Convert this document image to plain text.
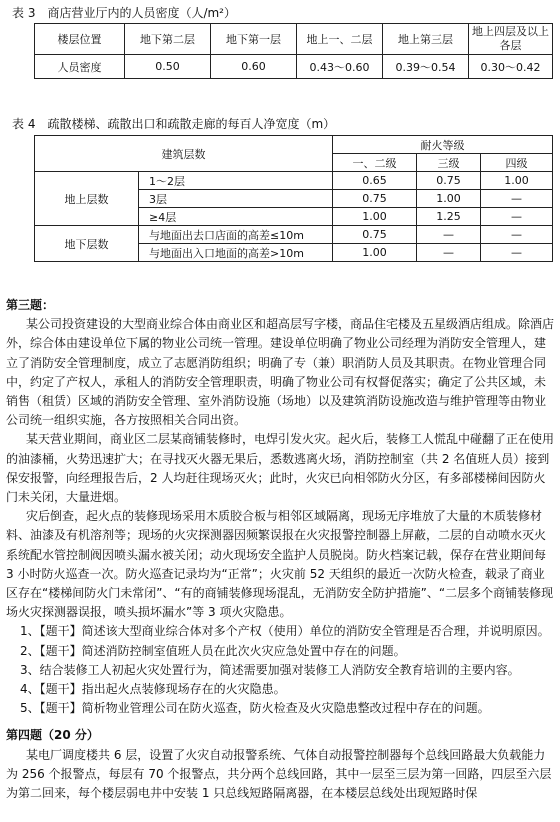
表 3　商店营业厅内的人员密度（人/m²）
楼层位置	地下第二层	地下第一层	地上一、二层	地上第三层	地上四层及以上各层
人员密度	0.50	0.60	0.43～0.60	0.39～0.54	0.30～0.42
表 4　疏散楼梯、疏散出口和疏散走廊的每百人净宽度（m）
建筑层数		耐火等级		
		一、二级	三级	四级
地上层数	1～2层	0.65	0.75	1.00
	3层	0.75	1.00	—
	≥4层	1.00	1.25	—
地下层数	与地面出去口店面的高差≤10m	0.75	—	—
	与地面出入口地面的高差>10m	1.00	—	—

第三题：

某公司投资建设的大型商业综合体由商业区和超高层写字楼，商品住宅楼及五星级酒店组成。除酒店外，综合体由建设单位下属的物业公司统一管理。建设单位明确了物业公司经理为消防安全管理人，建立了消防安全管理制度，成立了志愿消防组织；明确了专（兼）职消防人员及其职责。在物业管理合同中，约定了产权人，承租人的消防安全管理职责，明确了物业公司有权督促落实；确定了公共区域，未销售（租赁）区域的消防安全管理、室外消防设施（场地）以及建筑消防设施改造与维护管理等由物业公司统一组织实施，各方按照相关合同出资。

某天营业期间，商业区二层某商铺装修时，电焊引发火灾。起火后，装修工人慌乱中碰翻了正在使用的油漆桶，火势迅速扩大；在寻找灭火器无果后，悉数逃离火场，消防控制室（共 2 名值班人员）接到保安报警，向经理报告后，2 人均赶往现场灭火；此时，火灾已向相邻防火分区，有多部楼梯间因防火门未关闭，大量进烟。

灾后倒查，起火点的装修现场采用木质胶合板与相邻区域隔离，现场无序堆放了大量的木质装修材料、油漆及有机溶剂等；现场的火灾探测器因频繁误报在火灾报警控制器上屏蔽，二层的自动喷水灭火系统配水管控制阀因喷头漏水被关闭；动火现场安全监护人员脱岗。防火档案记载，保存在营业期间每 3 小时防火巡查一次。防火巡查记录均为“正常”；火灾前 52 天组织的最近一次防火检查，载录了商业区存在“楼梯间防火门未常闭”、“有的商铺装修现场混乱，无消防安全防护措施”、“二层多个商铺装修现场火灾探测器误报，喷头损坏漏水”等 3 项火灾隐患。

1、【题干】简述该大型商业综合体对多个产权（使用）单位的消防安全管理是否合理，并说明原因。

2、【题干】简述消防控制室值班人员在此次火灾应急处置中存在的问题。

3、结合装修工人初起火灾处置行为，简述需要加强对装修工人消防安全教育培训的主要内容。

4、【题干】指出起火点装修现场存在的火灾隐患。

5、【题干】简析物业管理公司在防火巡查，防火检查及火灾隐患整改过程中存在的问题。

第四题（20 分）

某电厂调度楼共 6 层，设置了火灾自动报警系统、气体自动报警控制器每个总线回路最大负载能力为 256 个报警点，每层有 70 个报警点，共分两个总线回路，其中一层至三层为第一回路，四层至六层为第二回来，每个楼层弱电井中安装 1 只总线短路隔离器，在本楼层总线处出现短路时保
